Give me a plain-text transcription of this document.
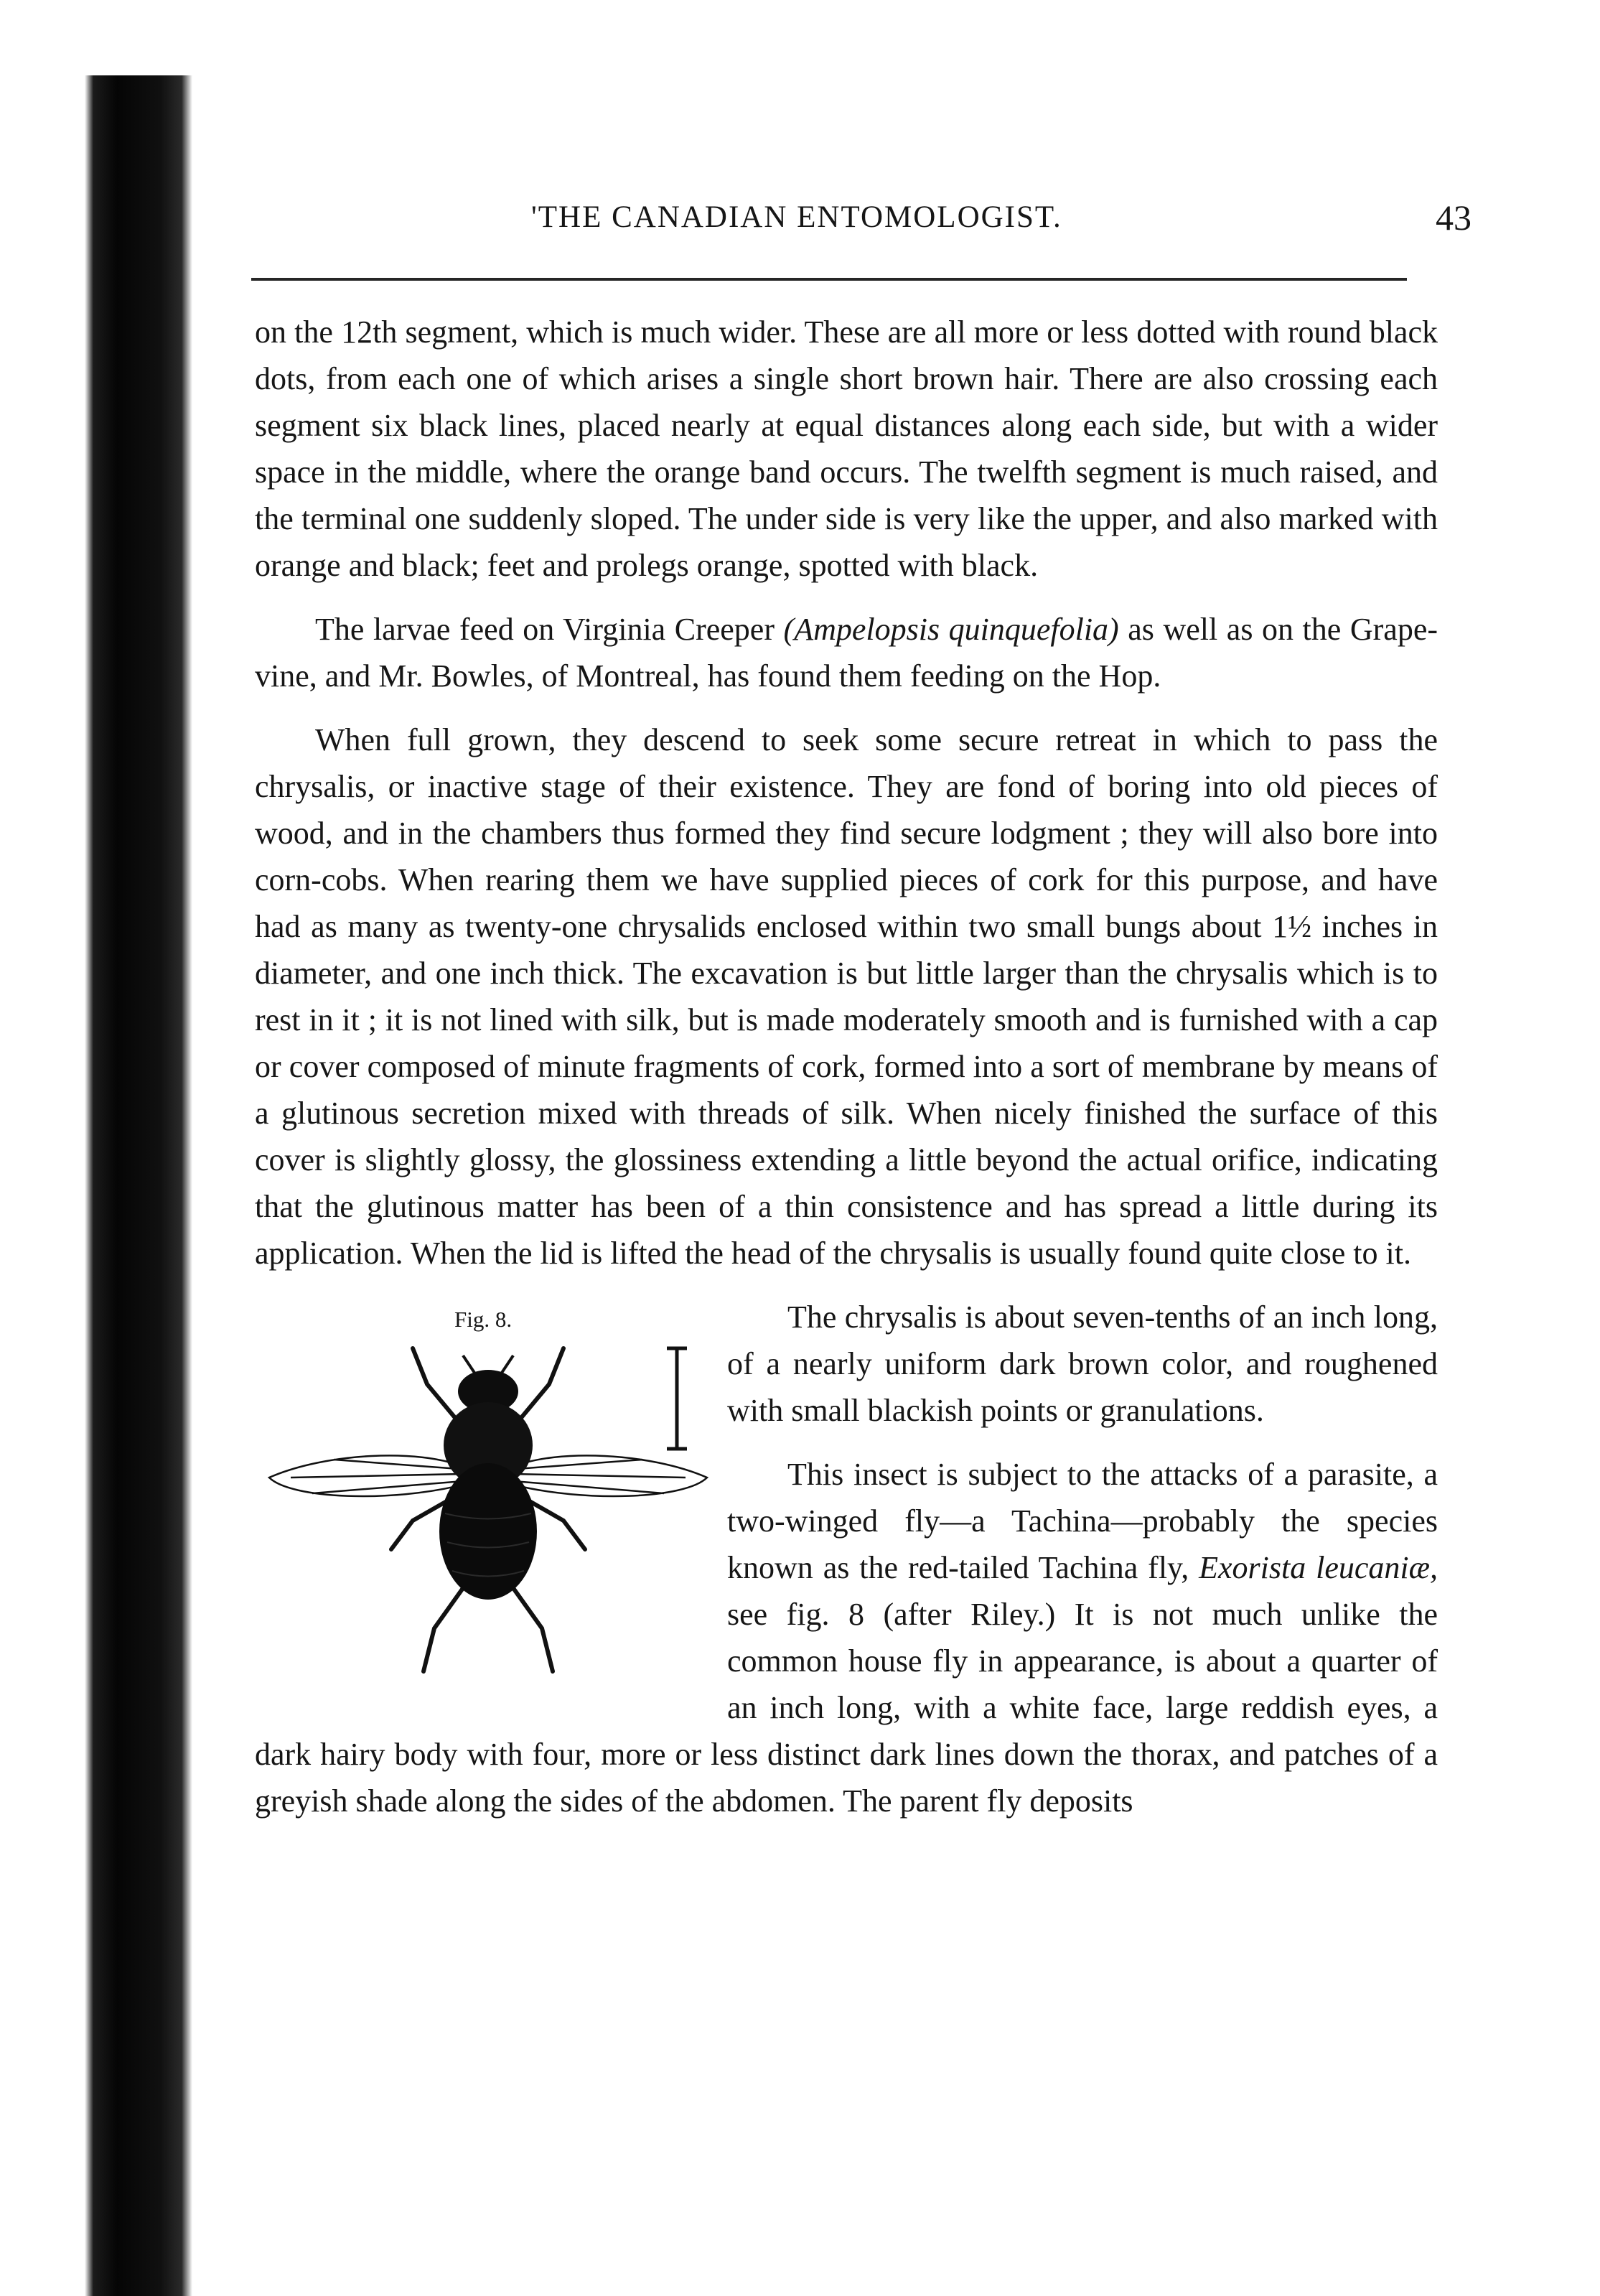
'THE CANADIAN ENTOMOLOGIST.	43

on the 12th segment, which is much wider. These are all more or less dotted with round black dots, from each one of which arises a single short brown hair. There are also crossing each segment six black lines, placed nearly at equal distances along each side, but with a wider space in the middle, where the orange band occurs. The twelfth segment is much raised, and the terminal one suddenly sloped. The under side is very like the upper, and also marked with orange and black; feet and prolegs orange, spotted with black.

The larvae feed on Virginia Creeper (Ampelopsis quinquefolia) as well as on the Grape-vine, and Mr. Bowles, of Montreal, has found them feeding on the Hop.

When full grown, they descend to seek some secure retreat in which to pass the chrysalis, or inactive stage of their existence. They are fond of boring into old pieces of wood, and in the chambers thus formed they find secure lodgment ; they will also bore into corn-cobs. When rearing them we have supplied pieces of cork for this purpose, and have had as many as twenty-one chrysalids enclosed within two small bungs about 1½ inches in diameter, and one inch thick. The excavation is but little larger than the chrysalis which is to rest in it ; it is not lined with silk, but is made moderately smooth and is furnished with a cap or cover composed of minute fragments of cork, formed into a sort of membrane by means of a glutinous secretion mixed with threads of silk. When nicely finished the surface of this cover is slightly glossy, the glossiness extending a little beyond the actual orifice, indicating that the glutinous matter has been of a thin consistence and has spread a little during its application. When the lid is lifted the head of the chrysalis is usually found quite close to it.

Fig. 8.	The chrysalis is about seven-tenths of an inch long, of a nearly uniform dark brown color, and roughened with small blackish points or granulations.

This insect is subject to the attacks of a parasite, a two-winged fly—a Tachina—probably the species known as the red-tailed Tachina fly, Exorista leucaniæ, see fig. 8 (after Riley.) It is not much unlike the common house fly in appearance, is about a quarter of an inch long, with a white face, large reddish eyes, a dark hairy body with four, more or less distinct dark lines down the thorax, and patches of a greyish shade along the sides of the abdomen. The parent fly deposits
